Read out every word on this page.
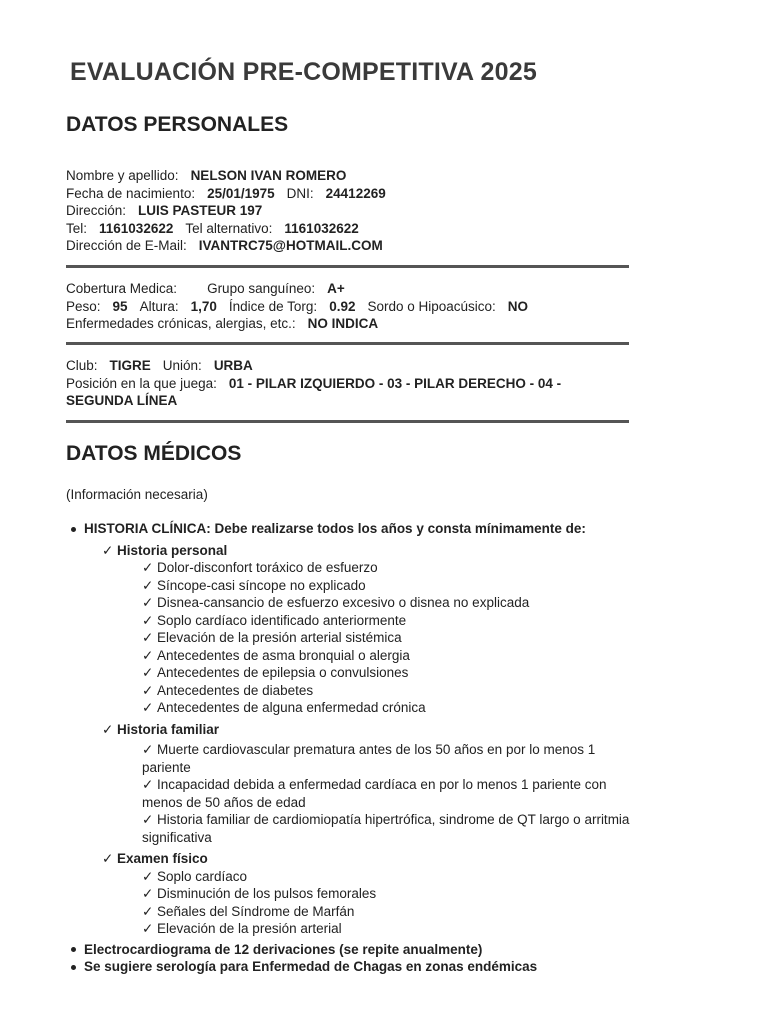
EVALUACIÓN PRE-COMPETITIVA 2025
DATOS PERSONALES
Nombre y apellido: NELSON IVAN ROMERO
Fecha de nacimiento: 25/01/1975 DNI: 24412269
Dirección: LUIS PASTEUR 197
Tel: 1161032622 Tel alternativo: 1161032622
Dirección de E-Mail: IVANTRC75@HOTMAIL.COM
Cobertura Medica: Grupo sanguíneo: A+
Peso: 95 Altura: 1,70 Índice de Torg: 0.92 Sordo o Hipoacúsico: NO
Enfermedades crónicas, alergias, etc.: NO INDICA
Club: TIGRE Unión: URBA
Posición en la que juega: 01 - PILAR IZQUIERDO - 03 - PILAR DERECHO - 04 - SEGUNDA LÍNEA
DATOS MÉDICOS
(Información necesaria)
HISTORIA CLÍNICA: Debe realizarse todos los años y consta mínimamente de:
✓ Historia personal
✓ Dolor-disconfort toráxico de esfuerzo
✓ Síncope-casi síncope no explicado
✓ Disnea-cansancio de esfuerzo excesivo o disnea no explicada
✓ Soplo cardíaco identificado anteriormente
✓ Elevación de la presión arterial sistémica
✓ Antecedentes de asma bronquial o alergia
✓ Antecedentes de epilepsia o convulsiones
✓ Antecedentes de diabetes
✓ Antecedentes de alguna enfermedad crónica
✓ Historia familiar
✓ Muerte cardiovascular prematura antes de los 50 años en por lo menos 1 pariente
✓ Incapacidad debida a enfermedad cardíaca en por lo menos 1 pariente con menos de 50 años de edad
✓ Historia familiar de cardiomiopatía hipertrófica, sindrome de QT largo o arritmia significativa
✓ Examen físico
✓ Soplo cardíaco
✓ Disminución de los pulsos femorales
✓ Señales del Síndrome de Marfán
✓ Elevación de la presión arterial
Electrocardiograma de 12 derivaciones (se repite anualmente)
Se sugiere serología para Enfermedad de Chagas en zonas endémicas
